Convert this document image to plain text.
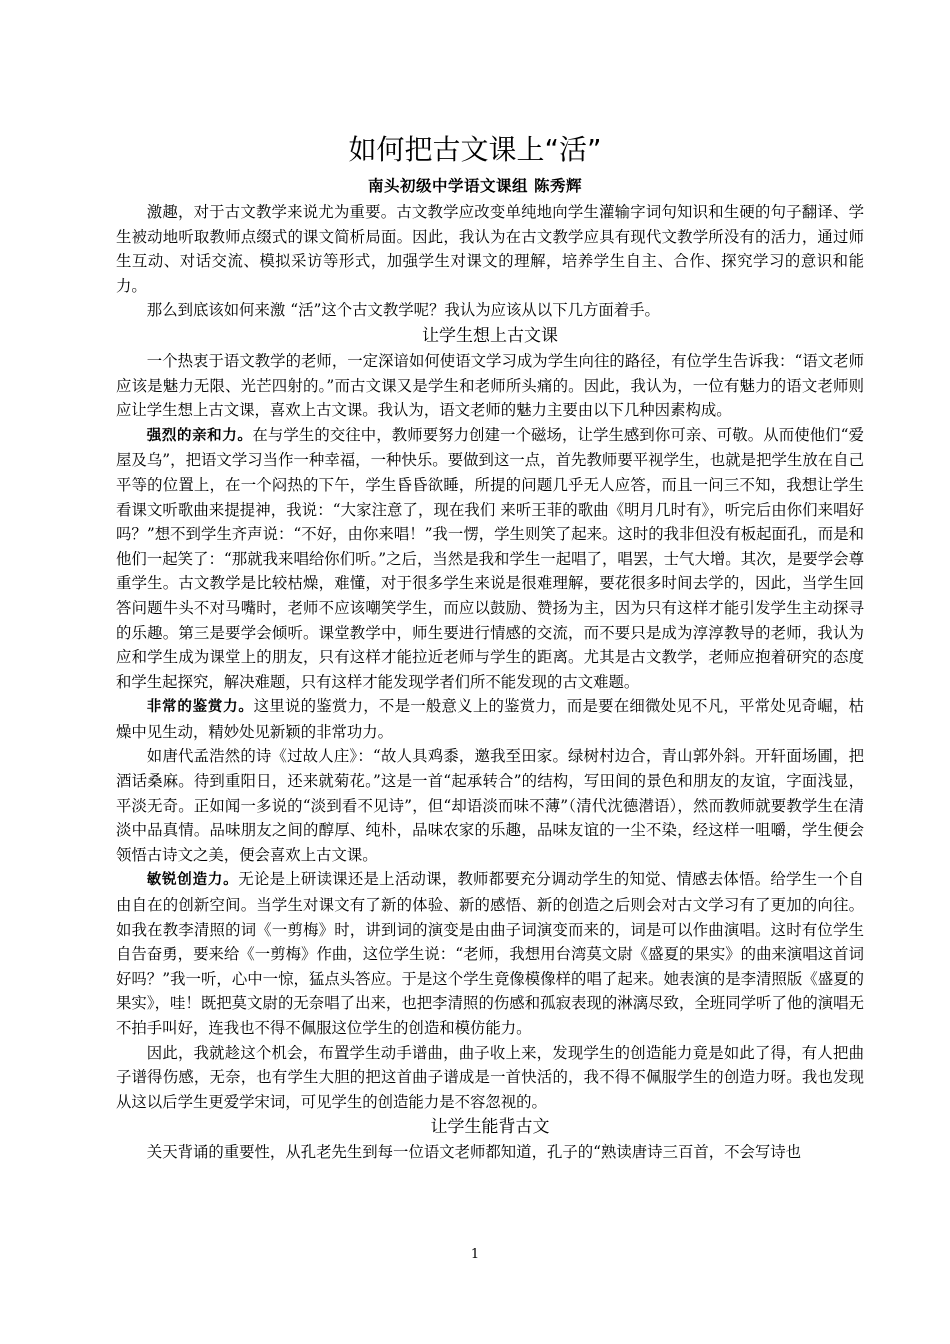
如何把古文课上“活”
南头初级中学语文课组 陈秀辉

激趣，对于古文教学来说尤为重要。古文教学应改变单纯地向学生灌输字词句知识和生硬的句子翻译、学生被动地听取教师点缀式的课文简析局面。因此，我认为在古文教学应具有现代文教学所没有的活力，通过师生互动、对话交流、模拟采访等形式，加强学生对课文的理解，培养学生自主、合作、探究学习的意识和能力。

那么到底该如何来激 “活”这个古文教学呢？我认为应该从以下几方面着手。

让学生想上古文课

一个热衷于语文教学的老师，一定深谙如何使语文学习成为学生向往的路径，有位学生告诉我：“语文老师应该是魅力无限、光芒四射的。”而古文课又是学生和老师所头痛的。因此，我认为，一位有魅力的语文老师则应让学生想上古文课，喜欢上古文课。我认为，语文老师的魅力主要由以下几种因素构成。

强烈的亲和力。在与学生的交往中，教师要努力创建一个磁场，让学生感到你可亲、可敬。从而使他们“爱屋及乌”，把语文学习当作一种幸福，一种快乐。要做到这一点，首先教师要平视学生，也就是把学生放在自己平等的位置上，在一个闷热的下午，学生昏昏欲睡，所提的问题几乎无人应答，而且一问三不知，我想让学生看课文听歌曲来提提神，我说：“大家注意了，现在我们 来听王菲的歌曲《明月几时有》，听完后由你们来唱好吗？”想不到学生齐声说：“不好，由你来唱！”我一愣，学生则笑了起来。这时的我非但没有板起面孔，而是和他们一起笑了：“那就我来唱给你们听。”之后，当然是我和学生一起唱了，唱罢，士气大增。其次，是要学会尊重学生。古文教学是比较枯燥，难懂，对于很多学生来说是很难理解，要花很多时间去学的，因此，当学生回答问题牛头不对马嘴时，老师不应该嘲笑学生，而应以鼓励、赞扬为主，因为只有这样才能引发学生主动探寻的乐趣。第三是要学会倾听。课堂教学中，师生要进行情感的交流，而不要只是成为淳淳教导的老师，我认为应和学生成为课堂上的朋友，只有这样才能拉近老师与学生的距离。尤其是古文教学，老师应抱着研究的态度和学生起探究，解决难题，只有这样才能发现学者们所不能发现的古文难题。

非常的鉴赏力。这里说的鉴赏力，不是一般意义上的鉴赏力，而是要在细微处见不凡，平常处见奇崛，枯燥中见生动，精妙处见新颖的非常功力。

如唐代孟浩然的诗《过故人庄》：“故人具鸡黍，邀我至田家。绿树村边合，青山郭外斜。开轩面场圃，把酒话桑麻。待到重阳日，还来就菊花。”这是一首“起承转合”的结构，写田间的景色和朋友的友谊，字面浅显，平淡无奇。正如闻一多说的“淡到看不见诗”，但“却语淡而味不薄”（清代沈德潜语），然而教师就要教学生在清淡中品真情。品味朋友之间的醇厚、纯朴，品味农家的乐趣，品味友谊的一尘不染，经这样一咀嚼，学生便会领悟古诗文之美，便会喜欢上古文课。

敏锐创造力。无论是上研读课还是上活动课，教师都要充分调动学生的知觉、情感去体悟。给学生一个自由自在的创新空间。当学生对课文有了新的体验、新的感悟、新的创造之后则会对古文学习有了更加的向往。如我在教李清照的词《一剪梅》时，讲到词的演变是由曲子词演变而来的，词是可以作曲演唱。这时有位学生自告奋勇，要来给《一剪梅》作曲，这位学生说：“老师，我想用台湾莫文尉《盛夏的果实》的曲来演唱这首词好吗？”我一听，心中一惊，猛点头答应。于是这个学生竟像模像样的唱了起来。她表演的是李清照版《盛夏的果实》，哇！既把莫文尉的无奈唱了出来，也把李清照的伤感和孤寂表现的淋漓尽致，全班同学听了他的演唱无不拍手叫好，连我也不得不佩服这位学生的创造和模仿能力。

因此，我就趁这个机会，布置学生动手谱曲，曲子收上来，发现学生的创造能力竟是如此了得，有人把曲子谱得伤感，无奈，也有学生大胆的把这首曲子谱成是一首快活的，我不得不佩服学生的创造力呀。我也发现从这以后学生更爱学宋词，可见学生的创造能力是不容忽视的。

让学生能背古文

关天背诵的重要性，从孔老先生到每一位语文老师都知道，孔子的“熟读唐诗三百首，不会写诗也

1
